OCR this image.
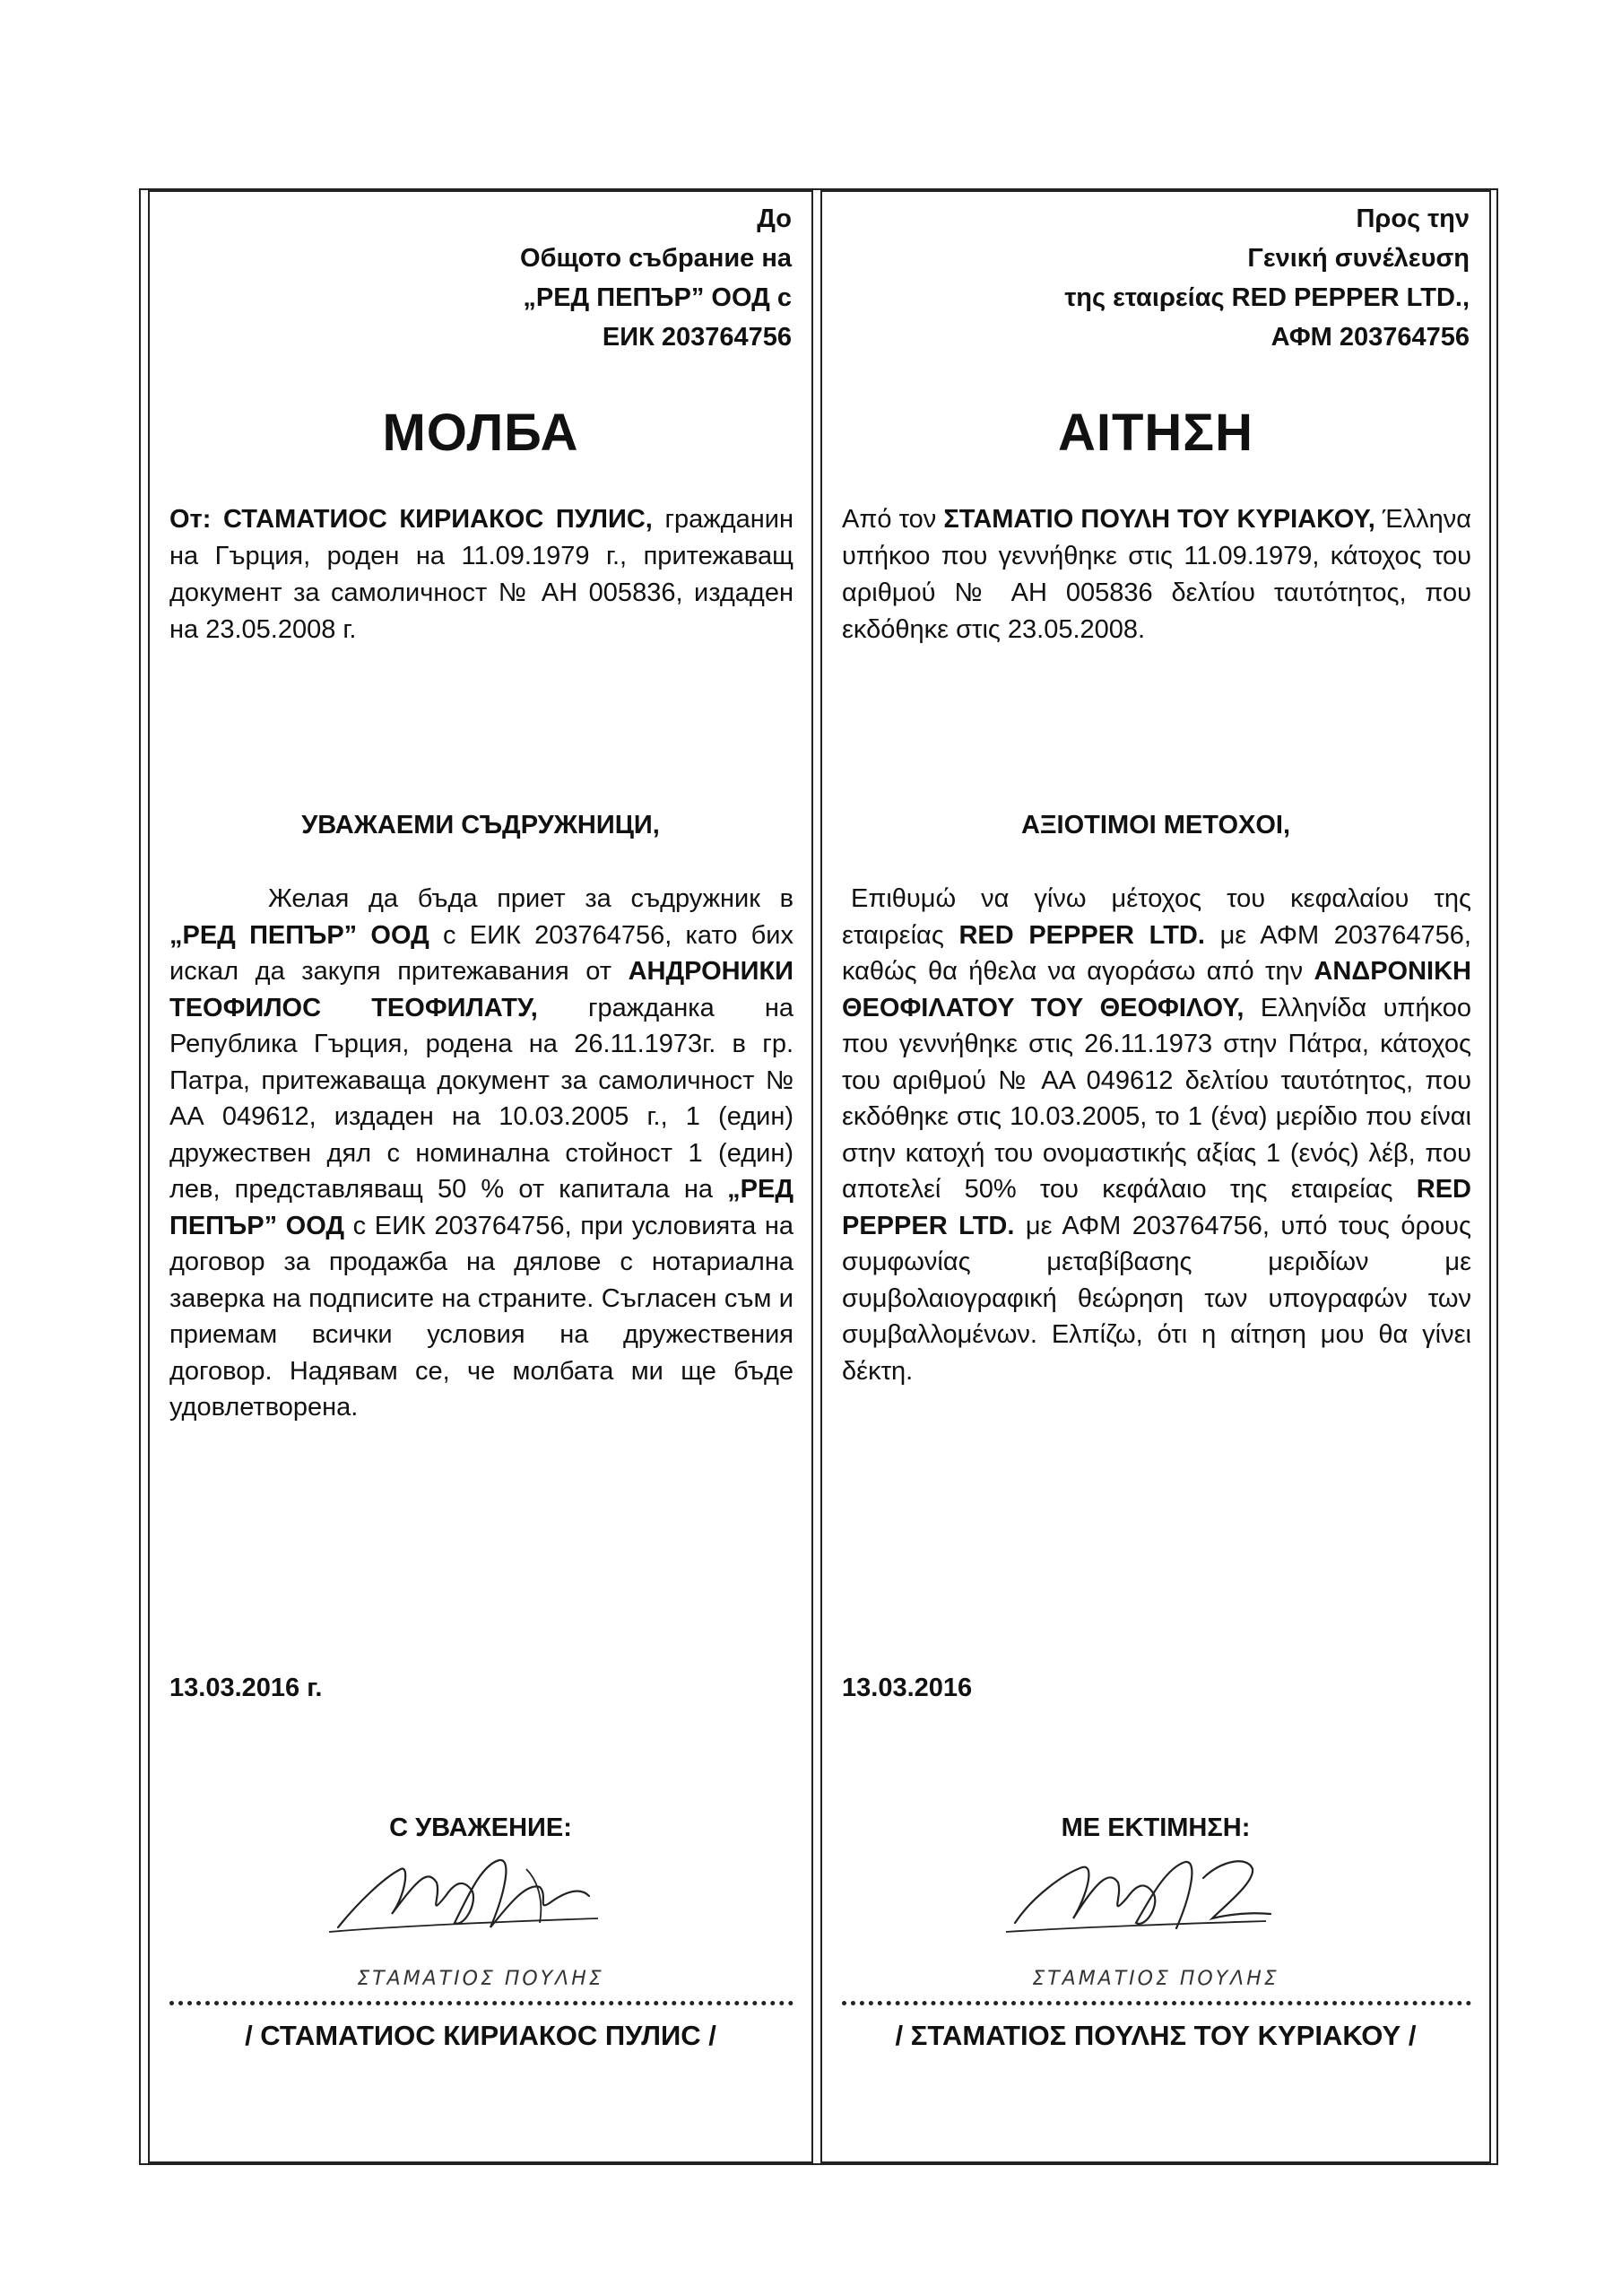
До
Общото събрание на
„РЕД ПЕПЪР” ООД с
ЕИК 203764756
МОЛБА
От: СТАМАТИОС КИРИАКОС ПУЛИС, гражданин на Гърция, роден на 11.09.1979 г., притежаващ документ за самоличност № АН 005836, издаден на 23.05.2008 г.
УВАЖАЕМИ СЪДРУЖНИЦИ,
Желая да бъда приет за съдружник в „РЕД ПЕПЪР” ООД с ЕИК 203764756, като бих искал да закупя притежавания от АНДРОНИКИ ТЕОФИЛОС ТЕОФИЛАТУ, гражданка на Република Гърция, родена на 26.11.1973г. в гр. Патра, притежаваща документ за самоличност № АА 049612, издаден на 10.03.2005 г., 1 (един) дружествен дял с номинална стойност 1 (един) лев, представляващ 50 % от капитала на „РЕД ПЕПЪР” ООД с ЕИК 203764756, при условията на договор за продажба на дялове с нотариална заверка на подписите на страните. Съгласен съм и приемам всички условия на дружествения договор. Надявам се, че молбата ми ще бъде удовлетворена.
13.03.2016 г.
С УВАЖЕНИЕ:
ΣΤΑΜΑΤΙΟΣ ΠΟΥΛΗΣ
/ СТАМАТИОС КИРИАКОС ПУЛИС /
Προς την
Γενική συνέλευση
της εταιρείας RED PEPPER LTD.,
ΑΦΜ 203764756
ΑΙΤΗΣΗ
Από τον ΣΤΑΜΑΤΙΟ ΠΟΥΛΗ ΤΟΥ ΚΥΡΙΑΚΟΥ, Έλληνα υπήκοο που γεννήθηκε στις 11.09.1979, κάτοχος του αριθμού № ΑΗ 005836 δελτίου ταυτότητος, που εκδόθηκε στις 23.05.2008.
ΑΞΙΟΤΙΜΟΙ ΜΕΤΟΧΟΙ,
Επιθυμώ να γίνω μέτοχος του κεφαλαίου της εταιρείας RED PEPPER LTD. με ΑΦΜ 203764756, καθώς θα ήθελα να αγοράσω από την ΑΝΔΡΟΝΙΚΗ ΘΕΟΦΙΛΑΤΟΥ ΤΟΥ ΘΕΟΦΙΛΟΥ, Ελληνίδα υπήκοο που γεννήθηκε στις 26.11.1973 στην Πάτρα, κάτοχος του αριθμού № ΑΑ 049612 δελτίου ταυτότητος, που εκδόθηκε στις 10.03.2005, το 1 (ένα) μερίδιο που είναι στην κατοχή του ονομαστικής αξίας 1 (ενός) λέβ, που αποτελεί 50% του κεφάλαιο της εταιρείας RED PEPPER LTD. με ΑΦΜ 203764756, υπό τους όρους συμφωνίας μεταβίβασης μεριδίων με συμβολαιογραφική θεώρηση των υπογραφών των συμβαλλομένων. Ελπίζω, ότι η αίτηση μου θα γίνει δέκτη.
13.03.2016
ΜΕ ΕΚΤΙΜΗΣΗ:
ΣΤΑΜΑΤΙΟΣ ΠΟΥΛΗΣ
/ ΣΤΑΜΑΤΙΟΣ ΠΟΥΛΗΣ ΤΟΥ ΚΥΡΙΑΚΟΥ /
